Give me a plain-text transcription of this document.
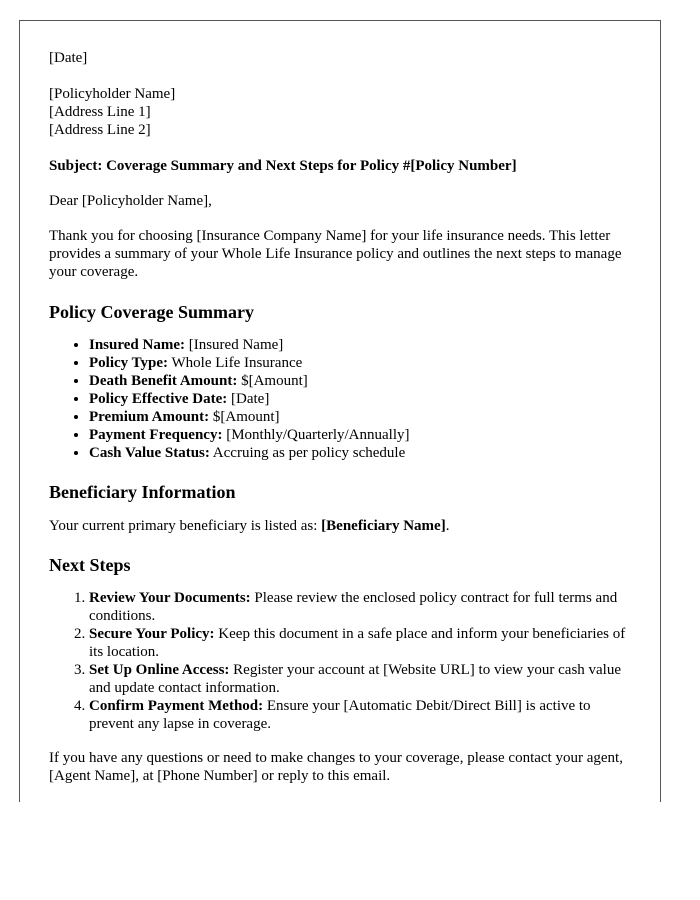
[Date]

[Policyholder Name]

[Address Line 1]

[Address Line 2]

Subject: Coverage Summary and Next Steps for Policy #[Policy Number]

Dear [Policyholder Name],

Thank you for choosing [Insurance Company Name] for your life insurance needs. This letter provides a summary of your Whole Life Insurance policy and outlines the next steps to manage your coverage.

Policy Coverage Summary
• Insured Name: [Insured Name]
• Policy Type: Whole Life Insurance
• Death Benefit Amount: $[Amount]
• Policy Effective Date: [Date]
• Premium Amount: $[Amount]
• Payment Frequency: [Monthly/Quarterly/Annually]
• Cash Value Status: Accruing as per policy schedule
Beneficiary Information

Your current primary beneficiary is listed as: [Beneficiary Name].

Next Steps
1. Review Your Documents: Please review the enclosed policy contract for full terms and conditions.
2. Secure Your Policy: Keep this document in a safe place and inform your beneficiaries of its location.
3. Set Up Online Access: Register your account at [Website URL] to view your cash value and update contact information.
4. Confirm Payment Method: Ensure your [Automatic Debit/Direct Bill] is active to prevent any lapse in coverage.

If you have any questions or need to make changes to your coverage, please contact your agent, [Agent Name], at [Phone Number] or reply to this email.
